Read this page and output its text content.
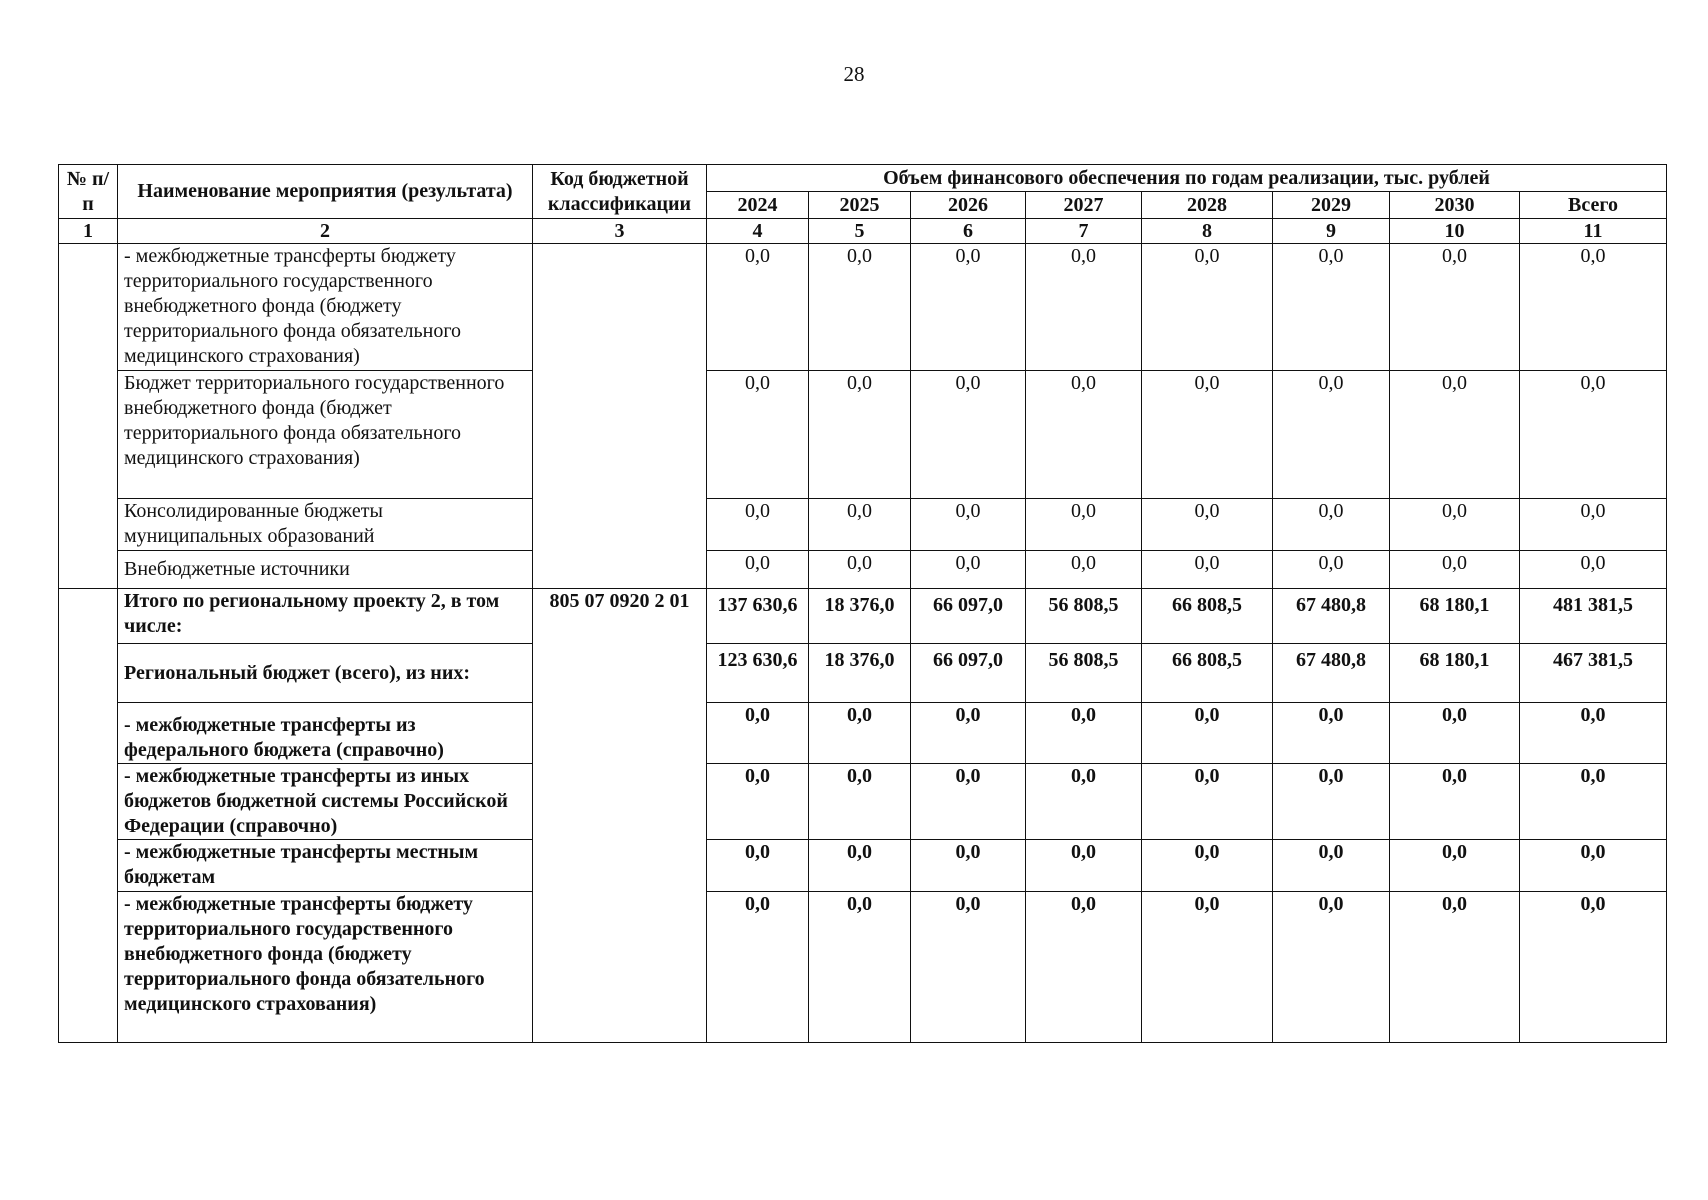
28
№ п/п	Наименование мероприятия (результата)	Код бюджетной классификации	Объем финансового обеспечения по годам реализации, тыс. рублей							
			2024	2025	2026	2027	2028	2029	2030	Всего
1	2	3	4	5	6	7	8	9	10	11
	- межбюджетные трансферты бюджету территориального государственного внебюджетного фонда (бюджету территориального фонда обязательного медицинского страхования)		0,0	0,0	0,0	0,0	0,0	0,0	0,0	0,0
	Бюджет территориального государственного внебюджетного фонда (бюджет территориального фонда обязательного медицинского страхования)		0,0	0,0	0,0	0,0	0,0	0,0	0,0	0,0
	Консолидированные бюджеты муниципальных образований		0,0	0,0	0,0	0,0	0,0	0,0	0,0	0,0
	Внебюджетные источники		0,0	0,0	0,0	0,0	0,0	0,0	0,0	0,0
	Итого по региональному проекту 2, в том числе:	805 07 0920 2 01	137 630,6	18 376,0	66 097,0	56 808,5	66 808,5	67 480,8	68 180,1	481 381,5
	Региональный бюджет (всего), из них:		123 630,6	18 376,0	66 097,0	56 808,5	66 808,5	67 480,8	68 180,1	467 381,5
	- межбюджетные трансферты из федерального бюджета (справочно)		0,0	0,0	0,0	0,0	0,0	0,0	0,0	0,0
	- межбюджетные трансферты из иных бюджетов бюджетной системы Российской Федерации (справочно)		0,0	0,0	0,0	0,0	0,0	0,0	0,0	0,0
	- межбюджетные трансферты местным бюджетам		0,0	0,0	0,0	0,0	0,0	0,0	0,0	0,0
	- межбюджетные трансферты бюджету территориального государственного внебюджетного фонда (бюджету территориального фонда обязательного медицинского страхования)		0,0	0,0	0,0	0,0	0,0	0,0	0,0	0,0
